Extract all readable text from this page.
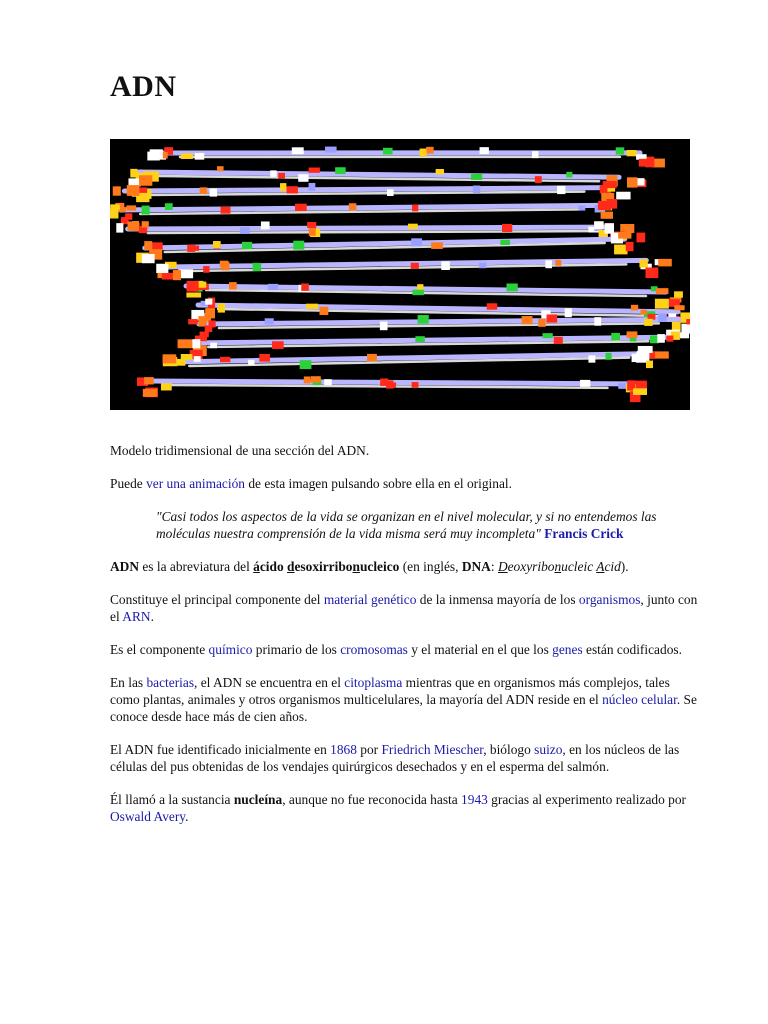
ADN

Modelo tridimensional de una sección del ADN.

Puede ver una animación de esta imagen pulsando sobre ella en el original.

"Casi todos los aspectos de la vida se organizan en el nivel molecular, y si no entendemos las moléculas nuestra comprensión de la vida misma será muy incompleta" Francis Crick

ADN es la abreviatura del ácido desoxirribonucleico (en inglés, DNA: Deoxyribonucleic Acid).

Constituye el principal componente del material genético de la inmensa mayoría de los organismos, junto con el ARN.

Es el componente químico primario de los cromosomas y el material en el que los genes están codificados.

En las bacterias, el ADN se encuentra en el citoplasma mientras que en organismos más complejos, tales como plantas, animales y otros organismos multicelulares, la mayoría del ADN reside en el núcleo celular. Se conoce desde hace más de cien años.

El ADN fue identificado inicialmente en 1868 por Friedrich Miescher, biólogo suizo, en los núcleos de las células del pus obtenidas de los vendajes quirúrgicos desechados y en el esperma del salmón.

Él llamó a la sustancia nucleína, aunque no fue reconocida hasta 1943 gracias al experimento realizado por Oswald Avery.
